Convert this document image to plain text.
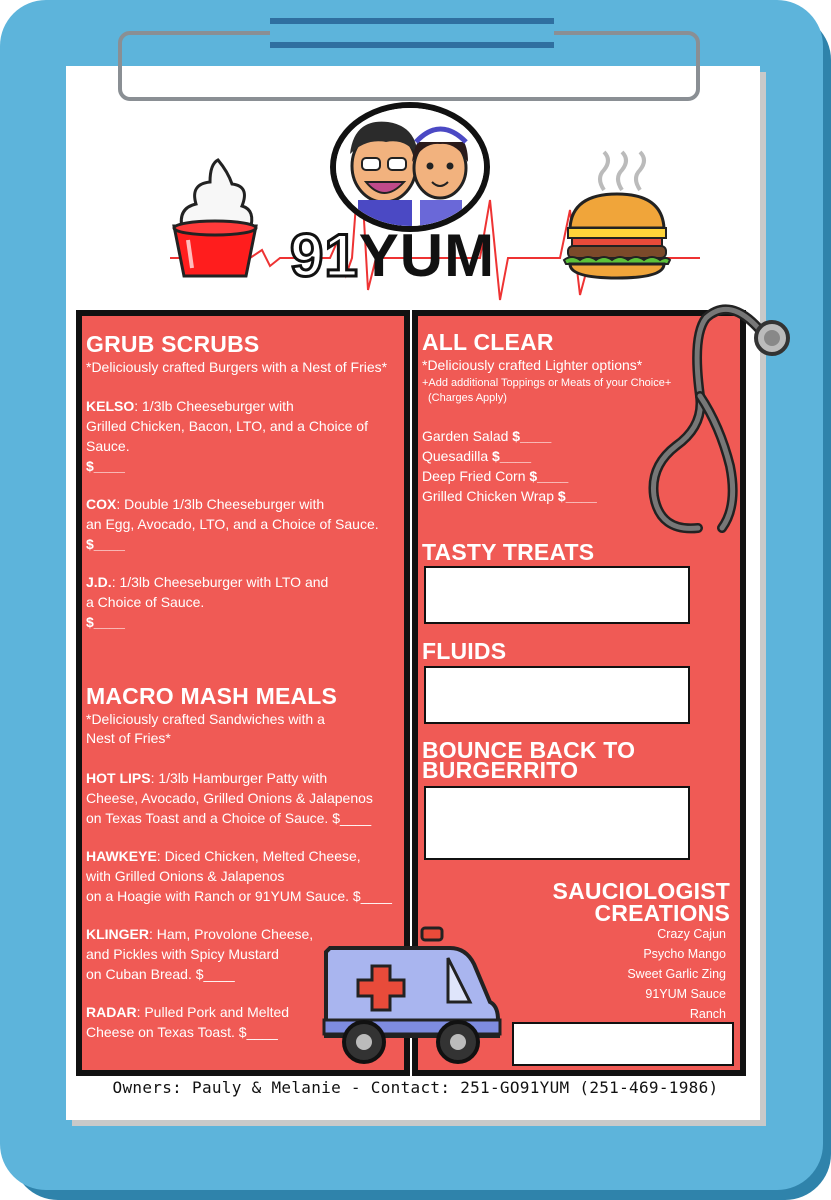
91YUM
GRUB SCRUBS
*Deliciously crafted Burgers with a Nest of Fries*
KELSO: 1/3lb Cheeseburger with
Grilled Chicken, Bacon, LTO, and a Choice of
Sauce.
$____
COX: Double 1/3lb Cheeseburger with
an Egg, Avocado, LTO, and a Choice of Sauce.
$____
J.D.: 1/3lb Cheeseburger with LTO and
a Choice of Sauce.
$____
MACRO MASH MEALS
*Deliciously crafted Sandwiches with a
Nest of Fries*
HOT LIPS: 1/3lb Hamburger Patty with
Cheese, Avocado, Grilled Onions & Jalapenos
on Texas Toast and a Choice of Sauce. $____
HAWKEYE: Diced Chicken, Melted Cheese,
with Grilled Onions & Jalapenos
on a Hoagie with Ranch or 91YUM Sauce. $____
KLINGER: Ham, Provolone Cheese,
and Pickles with Spicy Mustard
on Cuban Bread. $____
RADAR: Pulled Pork and Melted
Cheese on Texas Toast. $____
ALL CLEAR
*Deliciously crafted Lighter options*
+Add additional Toppings or Meats of your Choice+
(Charges Apply)
Garden Salad $____
Quesadilla $____
Deep Fried Corn $____
Grilled Chicken Wrap $____
TASTY TREATS
FLUIDS
BOUNCE BACK TO
BURGERRITO
SAUCIOLOGIST
CREATIONS
Crazy Cajun
Psycho Mango
Sweet Garlic Zing
91YUM Sauce
Ranch
Owners: Pauly & Melanie - Contact: 251-GO91YUM (251-469-1986)
